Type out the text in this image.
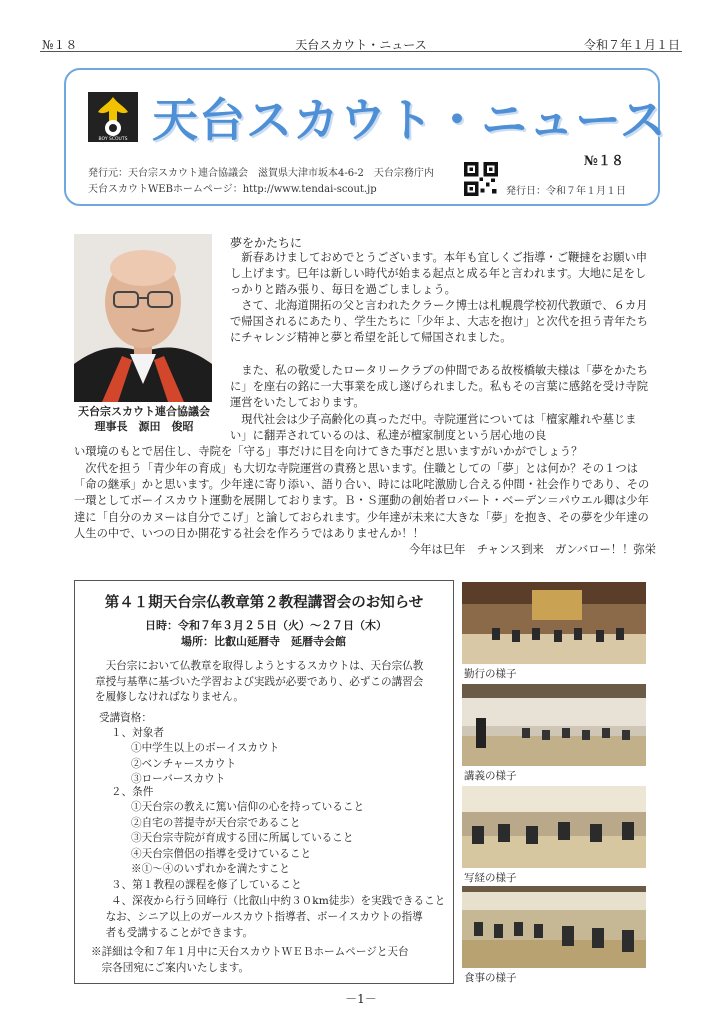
№１８	天台スカウト・ニュース	令和７年１月１日
BOY SCOUTS 天台スカウト・ニュース
№１８
発行元：天台宗スカウト連合協議会　滋賀県大津市坂本4-6-2　天台宗務庁内
天台スカウトWEBホームページ：http://www.tendai-scout.jp	発行日：令和７年１月１日
天台宗スカウト連合協議会
理事長　源田　俊昭
夢をかたちに
　新春あけましておめでとうございます。本年も宜しくご指導・ご鞭撻をお願い申し上げます。巳年は新しい時代が始まる起点と成る年と言われます。大地に足をしっかりと踏み張り、毎日を過ごしましょう。
　さて、北海道開拓の父と言われたクラーク博士は札幌農学校初代教頭で、６カ月で帰国されるにあたり、学生たちに「少年よ、大志を抱け」と次代を担う青年たちにチャレンジ精神と夢と希望を託して帰国されました。
　また、私の敬愛したロータリークラブの仲間である故桜橋敏夫様は「夢をかたちに」を座右の銘に一大事業を成し遂げられました。私もその言葉に感銘を受け寺院運営をいたしております。
　現代社会は少子高齢化の真っただ中。寺院運営については「檀家離れや墓じまい」に翻弄されているのは、私達が檀家制度という居心地の良
い環境のもとで居住し、寺院を「守る」事だけに目を向けてきた事だと思いますがいかがでしょう？
　次代を担う「青少年の育成」も大切な寺院運営の責務と思います。住職としての「夢」とは何か？その１つは「命の継承」かと思います。少年達に寄り添い、語り合い、時には叱咤激励し合える仲間・社会作りであり、その一環としてボーイスカウト運動を展開しております。Ｂ・Ｓ運動の創始者ロバート・ベーデン＝パウエル卿は少年達に「自分のカヌーは自分でこげ」と論しておられます。少年達が未来に大きな「夢」を抱き、その夢を少年達の人生の中で、いつの日か開花する社会を作ろうではありませんか！！
今年は巳年　チャンス到来　ガンバロー！！弥栄
第４１期天台宗仏教章第２教程講習会のお知らせ
日時：令和７年３月２５日（火）～２７日（木）
場所：比叡山延暦寺　延暦寺会館
　天台宗において仏教章を取得しようとするスカウトは、天台宗仏教
章授与基準に基づいた学習および実践が必要であり、必ずこの講習会
を履修しなければなりません。
受講資格：
１、対象者
①中学生以上のボーイスカウト
②ベンチャースカウト
③ローバースカウト
２、条件
①天台宗の教えに篤い信仰の心を持っていること
②自宅の菩提寺が天台宗であること
③天台宗寺院が育成する団に所属していること
④天台宗僧侶の指導を受けていること
※①～④のいずれかを満たすこと
３、第１教程の課程を修了していること
４、深夜から行う回峰行（比叡山中約３０km徒歩）を実践できること
　なお、シニア以上のガールスカウト指導者、ボーイスカウトの指導
　者も受講することができます。
※詳細は令和７年１月中に天台スカウトＷＥＢホームページと天台
　宗各団宛にご案内いたします。
勤行の様子
講義の様子
写経の様子
食事の様子
－1－
